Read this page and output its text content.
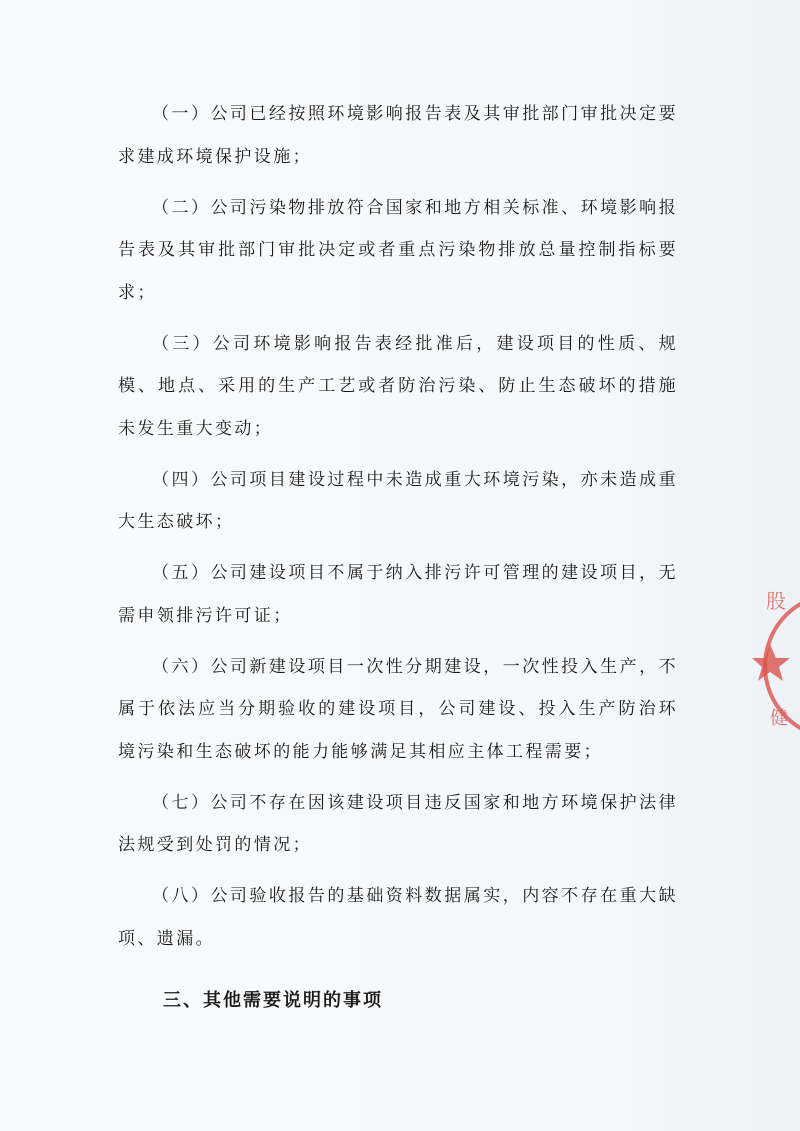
（一）公司已经按照环境影响报告表及其审批部门审批决定要求建成环境保护设施；

（二）公司污染物排放符合国家和地方相关标准、环境影响报告表及其审批部门审批决定或者重点污染物排放总量控制指标要求；

（三）公司环境影响报告表经批准后，建设项目的性质、规模、地点、采用的生产工艺或者防治污染、防止生态破坏的措施未发生重大变动；

（四）公司项目建设过程中未造成重大环境污染，亦未造成重大生态破坏；

（五）公司建设项目不属于纳入排污许可管理的建设项目，无需申领排污许可证；

（六）公司新建设项目一次性分期建设，一次性投入生产，不属于依法应当分期验收的建设项目，公司建设、投入生产防治环境污染和生态破坏的能力能够满足其相应主体工程需要；

（七）公司不存在因该建设项目违反国家和地方环境保护法律法规受到处罚的情况；

（八）公司验收报告的基础资料数据属实，内容不存在重大缺项、遗漏。

三、其他需要说明的事项
股
健
